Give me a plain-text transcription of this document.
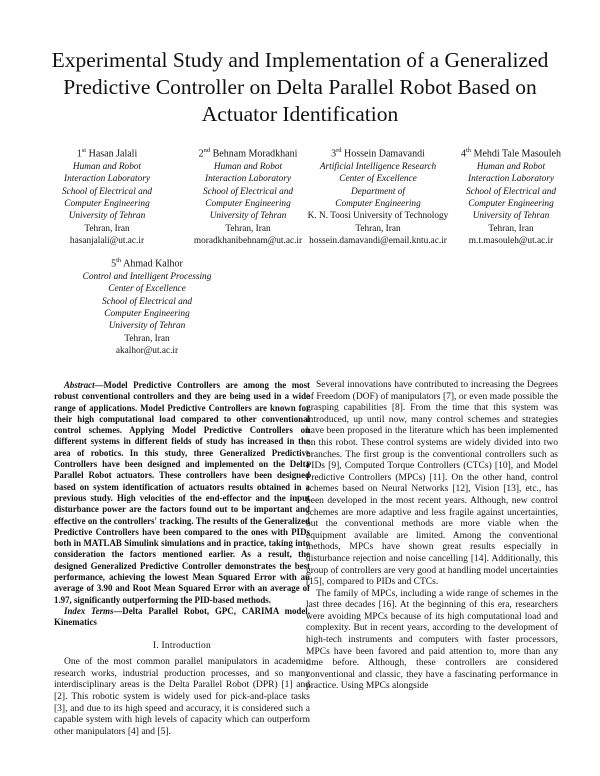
Experimental Study and Implementation of a Generalized Predictive Controller on Delta Parallel Robot Based on Actuator Identification
1st Hasan Jalali
Human and Robot
Interaction Laboratory
School of Electrical and
Computer Engineering
University of Tehran
Tehran, Iran
hasanjalali@ut.ac.ir
2nd Behnam Moradkhani
Human and Robot
Interaction Laboratory
School of Electrical and
Computer Engineering
University of Tehran
Tehran, Iran
moradkhanibehnam@ut.ac.ir
3rd Hossein Damavandi
Artificial Intelligence Research
Center of Excellence
Department of
Computer Engineering
K. N. Toosi University of Technology
Tehran, Iran
hossein.damavandi@email.kntu.ac.ir
4th Mehdi Tale Masouleh
Human and Robot
Interaction Laboratory
School of Electrical and
Computer Engineering
University of Tehran
Tehran, Iran
m.t.masouleh@ut.ac.ir
5th Ahmad Kalhor
Control and Intelligent Processing
Center of Excellence
School of Electrical and
Computer Engineering
University of Tehran
Tehran, Iran
akalhor@ut.ac.ir

Abstract—Model Predictive Controllers are among the most robust conventional controllers and they are being used in a wide range of applications. Model Predictive Controllers are known for their high computational load compared to other conventional control schemes. Applying Model Predictive Controllers on different systems in different fields of study has increased in the area of robotics. In this study, three Generalized Predictive Controllers have been designed and implemented on the Delta Parallel Robot actuators. These controllers have been designed based on system identification of actuators results obtained in a previous study. High velocities of the end-effector and the input disturbance power are the factors found out to be important and effective on the controllers' tracking. The results of the Generalized Predictive Controllers have been compared to the ones with PIDs both in MATLAB Simulink simulations and in practice, taking into consideration the factors mentioned earlier. As a result, the designed Generalized Predictive Controller demonstrates the best performance, achieving the lowest Mean Squared Error with an average of 3.90 and Root Mean Squared Error with an average of 1.97, significantly outperforming the PID-based methods.

Index Terms—Delta Parallel Robot, GPC, CARIMA model, Kinematics

I. Introduction

One of the most common parallel manipulators in academic research works, industrial production processes, and so many interdisciplinary areas is the Delta Parallel Robot (DPR) [1] and [2]. This robotic system is widely used for pick-and-place tasks [3], and due to its high speed and accuracy, it is considered such a capable system with high levels of capacity which can outperform other manipulators [4] and [5].

Several innovations have contributed to increasing the Degrees of Freedom (DOF) of manipulators [7], or even made possible the grasping capabilities [8]. From the time that this system was introduced, up until now, many control schemes and strategies have been proposed in the literature which has been implemented on this robot. These control systems are widely divided into two branches. The first group is the conventional controllers such as PIDs [9], Computed Torque Controllers (CTCs) [10], and Model Predictive Controllers (MPCs) [11]. On the other hand, control schemes based on Neural Networks [12], Vision [13], etc., has been developed in the most recent years. Although, new control schemes are more adaptive and less fragile against uncertainties, but the conventional methods are more viable when the equipment available are limited. Among the conventional methods, MPCs have shown great results especially in disturbance rejection and noise cancelling [14]. Additionally, this group of controllers are very good at handling model uncertainties [15], compared to PIDs and CTCs.

The family of MPCs, including a wide range of schemes in the last three decades [16]. At the beginning of this era, researchers were avoiding MPCs because of its high computational load and complexity. But in recent years, according to the development of high-tech instruments and computers with faster processors, MPCs have been favored and paid attention to, more than any time before. Although, these controllers are considered conventional and classic, they have a fascinating performance in practice. Using MPCs alongside
